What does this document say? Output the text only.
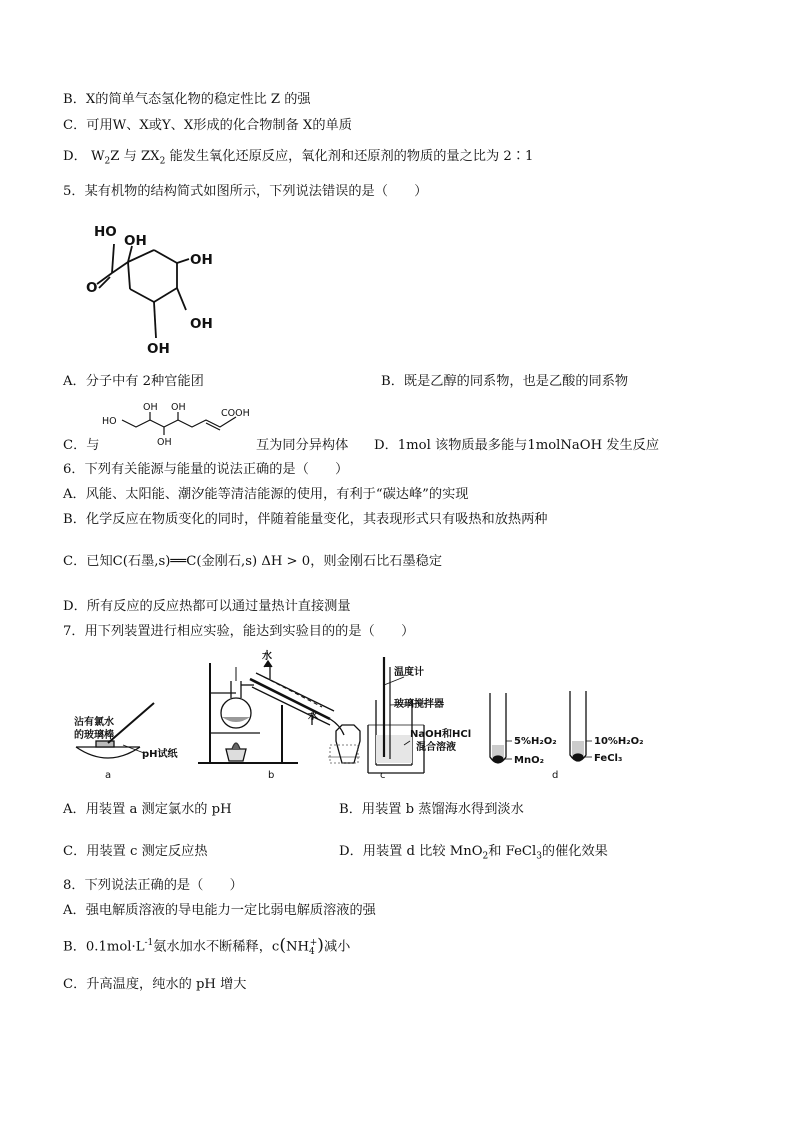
B．X的简单气态氢化物的稳定性比 Z 的强
C．可用W、X或Y、X形成的化合物制备 X的单质
D． $W_2Z$ 与 $ZX_2$ 能发生氧化还原反应，氧化剂和还原剂的物质的量之比为 2∶1
5．某有机物的结构简式如图所示，下列说法错误的是（　　）
HO
OH
OH
O
OH
OH
A．分子中有 2种官能团	B．既是乙醇的同系物，也是乙酸的同系物
C．与
HO
OH
OH
OH
COOH
互为同分异构体 D．1mol 该物质最多能与1molNaOH 发生反应
6．下列有关能源与能量的说法正确的是（　　）
A．风能、太阳能、潮汐能等清洁能源的使用，有利于“碳达峰”的实现
B．化学反应在物质变化的同时，伴随着能量变化，其表现形式只有吸热和放热两种
C．已知C(石墨,s)══C(金刚石,s) ΔH > 0，则金刚石比石墨稳定
D．所有反应的反应热都可以通过量热计直接测量
7．用下列装置进行相应实验，能达到实验目的的是（　　）
沾有氯水
的玻璃棒
pH试纸
a
水
水
b
温度计
玻璃搅拌器
NaOH和HCl
混合溶液
c
5%H₂O₂
MnO₂
10%H₂O₂
FeCl₃
d
A．用装置 a 测定氯水的 pH	B．用装置 b 蒸馏海水得到淡水
C．用装置 c 测定反应热	D．用装置 d 比较 MnO$_2$和 FeCl$_3$的催化效果
8．下列说法正确的是（　　）
A．强电解质溶液的导电能力一定比弱电解质溶液的强
B．$0.1mol\cdot L^{-1}$氨水加水不断稀释，$c(NH_4^+)$减小
C．升高温度，纯水的 pH 增大
